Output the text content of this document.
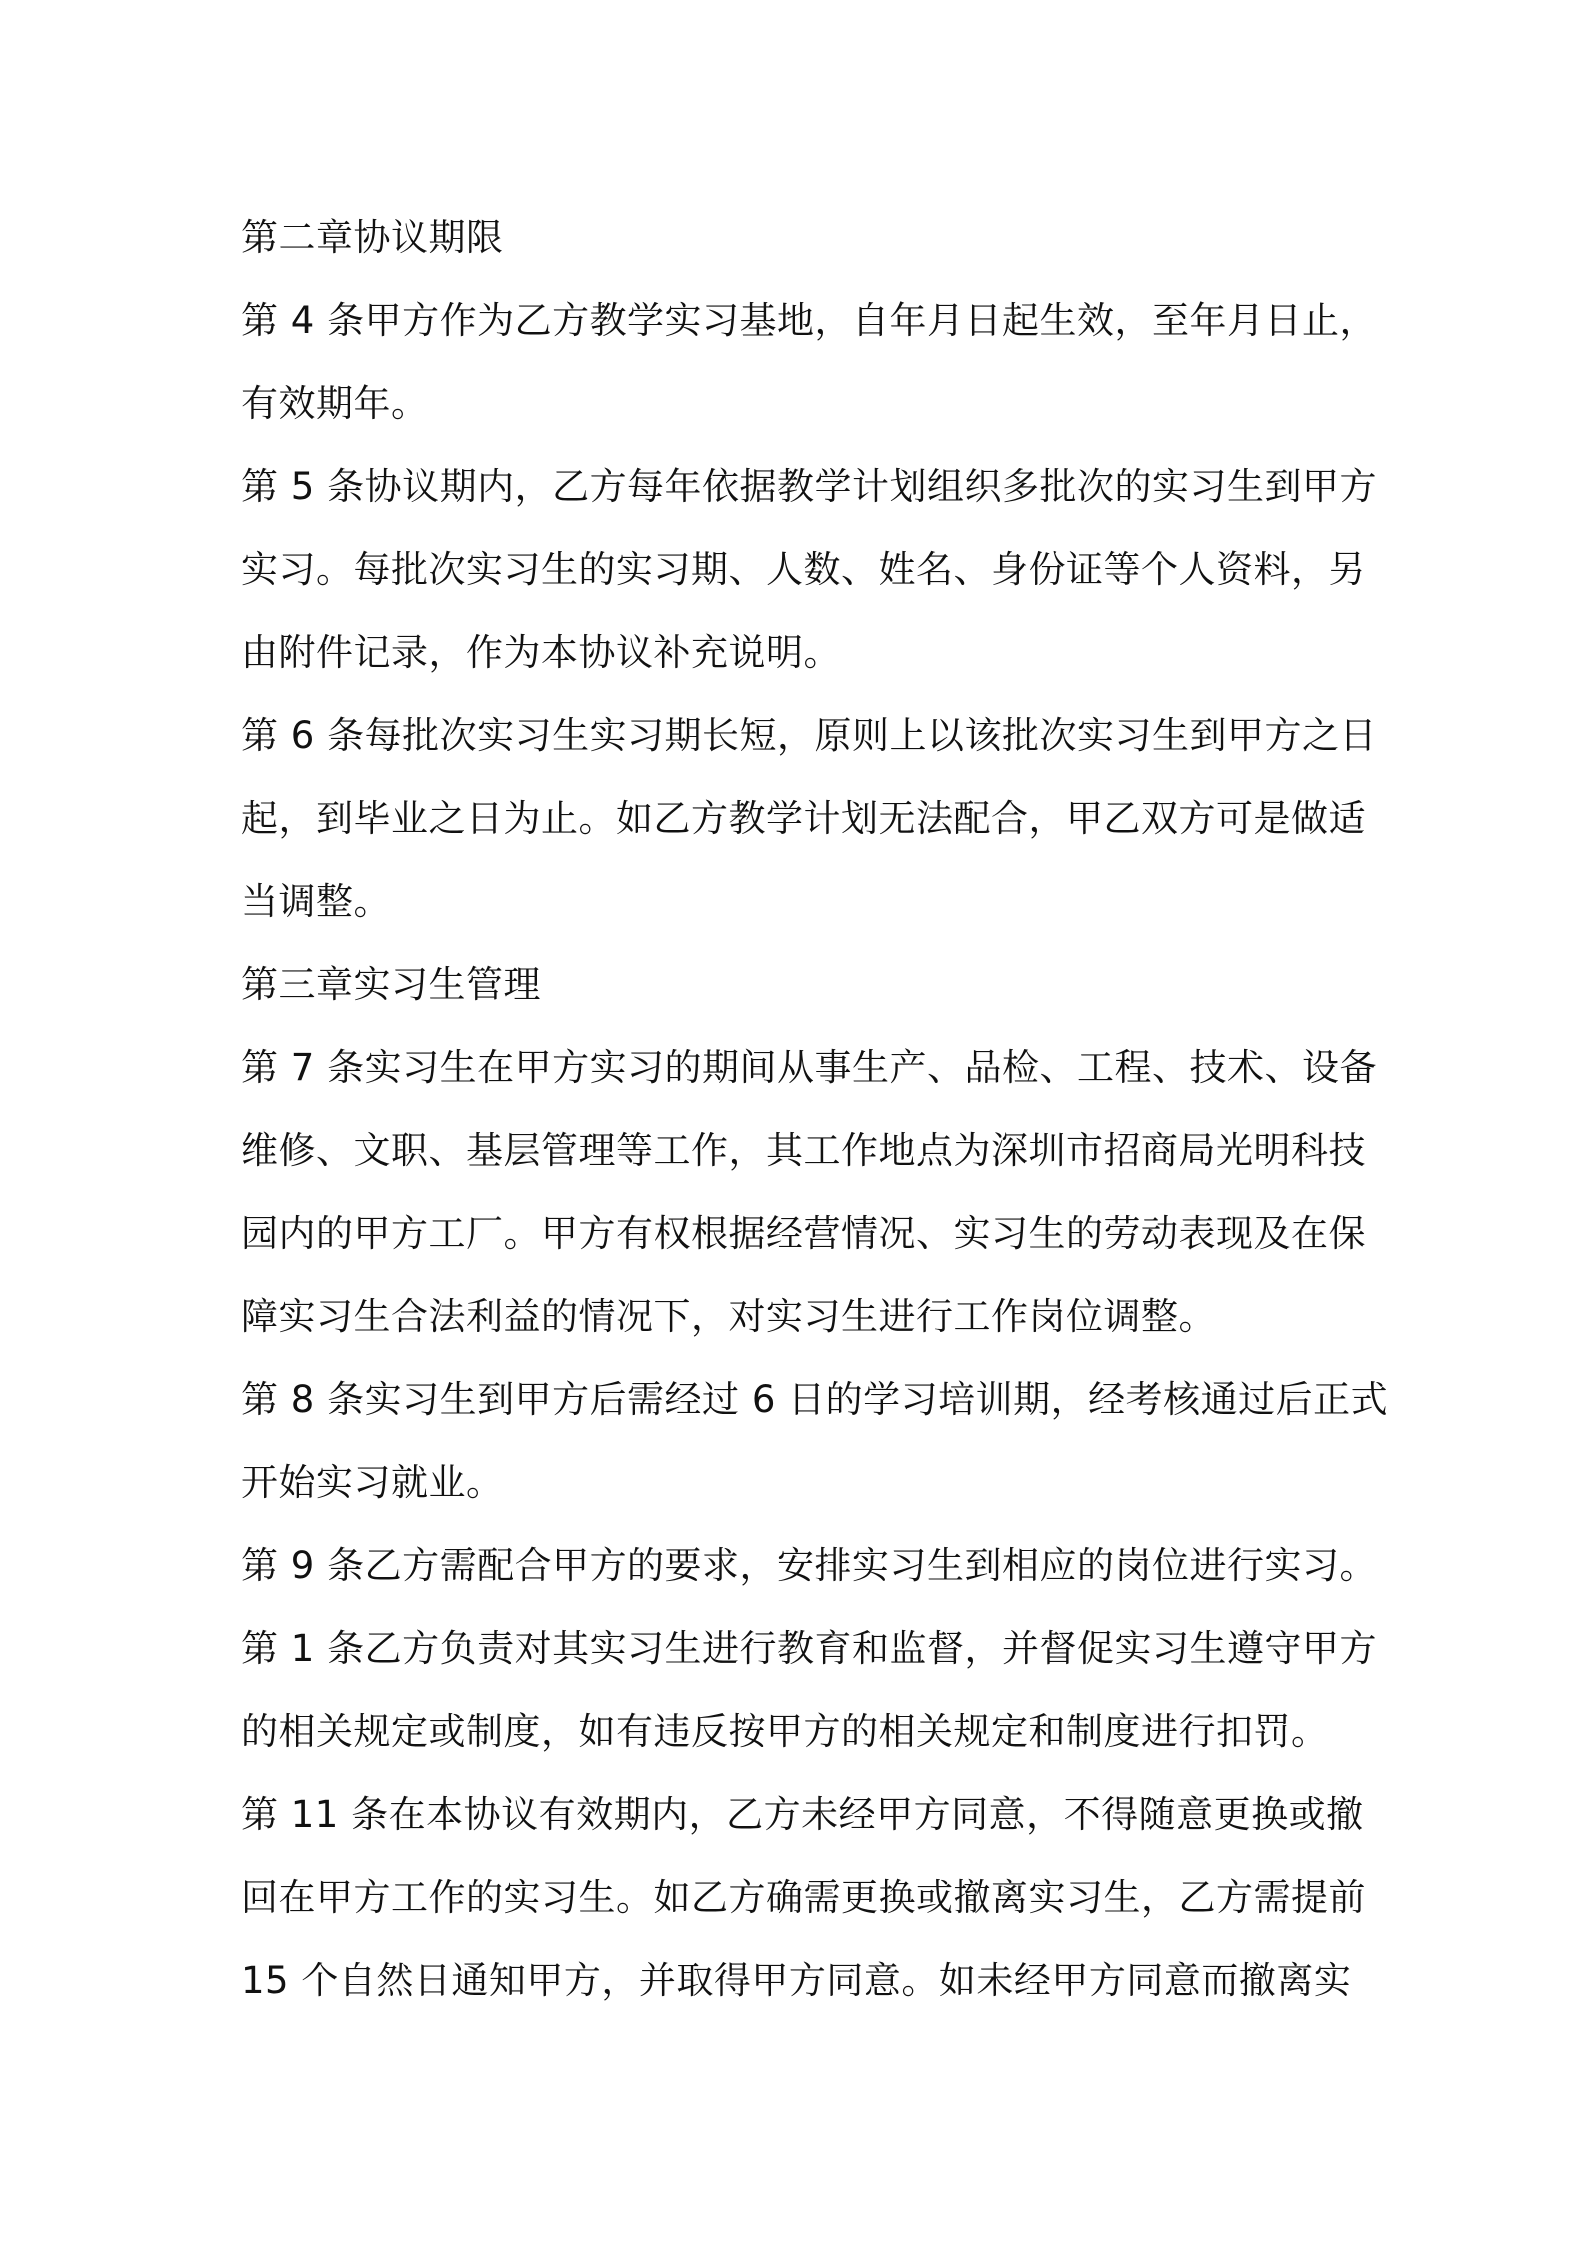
第二章协议期限
第 4 条甲方作为乙方教学实习基地，自年月日起生效，至年月日止，
有效期年。
第 5 条协议期内，乙方每年依据教学计划组织多批次的实习生到甲方
实习。每批次实习生的实习期、人数、姓名、身份证等个人资料，另
由附件记录，作为本协议补充说明。
第 6 条每批次实习生实习期长短，原则上以该批次实习生到甲方之日
起，到毕业之日为止。如乙方教学计划无法配合，甲乙双方可是做适
当调整。
第三章实习生管理
第 7 条实习生在甲方实习的期间从事生产、品检、工程、技术、设备
维修、文职、基层管理等工作，其工作地点为深圳市招商局光明科技
园内的甲方工厂。甲方有权根据经营情况、实习生的劳动表现及在保
障实习生合法利益的情况下，对实习生进行工作岗位调整。
第 8 条实习生到甲方后需经过 6 日的学习培训期，经考核通过后正式
开始实习就业。
第 9 条乙方需配合甲方的要求，安排实习生到相应的岗位进行实习。
第 1 条乙方负责对其实习生进行教育和监督，并督促实习生遵守甲方
的相关规定或制度，如有违反按甲方的相关规定和制度进行扣罚。
第 11 条在本协议有效期内，乙方未经甲方同意，不得随意更换或撤
回在甲方工作的实习生。如乙方确需更换或撤离实习生，乙方需提前
15 个自然日通知甲方，并取得甲方同意。如未经甲方同意而撤离实
